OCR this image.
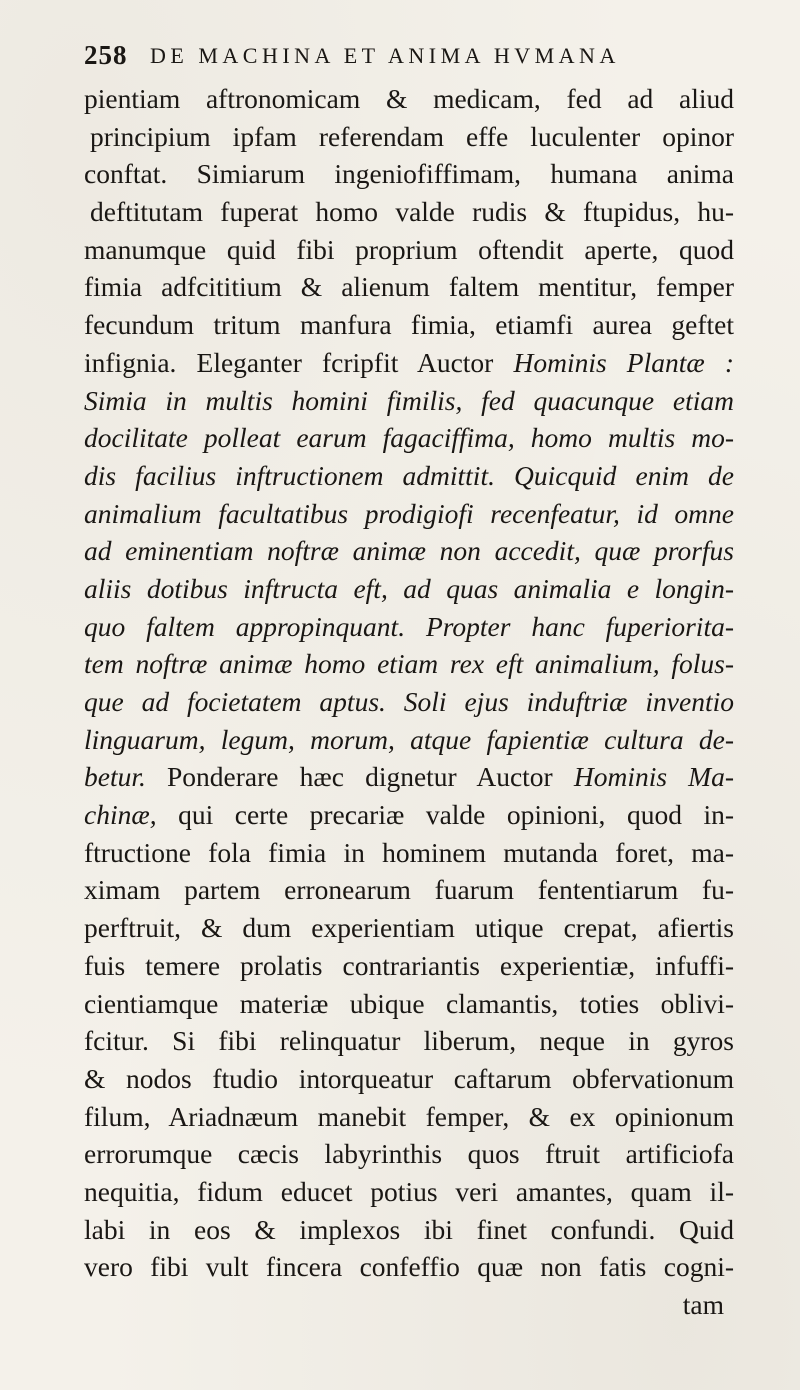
258 DE MACHINA ET ANIMA HVMANA
pientiam aftronomicam & medicam, fed ad aliud
principium ipfam referendam effe luculenter opinor
conftat. Simiarum ingeniofiffimam, humana anima
deftitutam fuperat homo valde rudis & ftupidus, hu-
manumque quid fibi proprium oftendit aperte, quod
fimia adfcititium & alienum faltem mentitur, femper
fecundum tritum manfura fimia, etiamfi aurea geftet
infignia. Eleganter fcripfit Auctor Hominis Plantæ :
Simia in multis homini fimilis, fed quacunque etiam
docilitate polleat earum fagaciffima, homo multis mo-
dis facilius inftructionem admittit. Quicquid enim de
animalium facultatibus prodigiofi recenfeatur, id omne
ad eminentiam noftræ animæ non accedit, quæ prorfus
aliis dotibus inftructa eft, ad quas animalia e longin-
quo faltem appropinquant. Propter hanc fuperiorita-
tem noftræ animæ homo etiam rex eft animalium, folus-
que ad focietatem aptus. Soli ejus induftriæ inventio
linguarum, legum, morum, atque fapientiæ cultura de-
betur. Ponderare hæc dignetur Auctor Hominis Ma-
chinæ, qui certe precariæ valde opinioni, quod in-
ftructione fola fimia in hominem mutanda foret, ma-
ximam partem erronearum fuarum fententiarum fu-
perftruit, & dum experientiam utique crepat, afiertis
fuis temere prolatis contrariantis experientiæ, infuffi-
cientiamque materiæ ubique clamantis, toties oblivi-
fcitur. Si fibi relinquatur liberum, neque in gyros
& nodos ftudio intorqueatur caftarum obfervationum
filum, Ariadnæum manebit femper, & ex opinionum
errorumque cæcis labyrinthis quos ftruit artificiofa
nequitia, fidum educet potius veri amantes, quam il-
labi in eos & implexos ibi finet confundi. Quid
vero fibi vult fincera confeffio quæ non fatis cogni-
tam
